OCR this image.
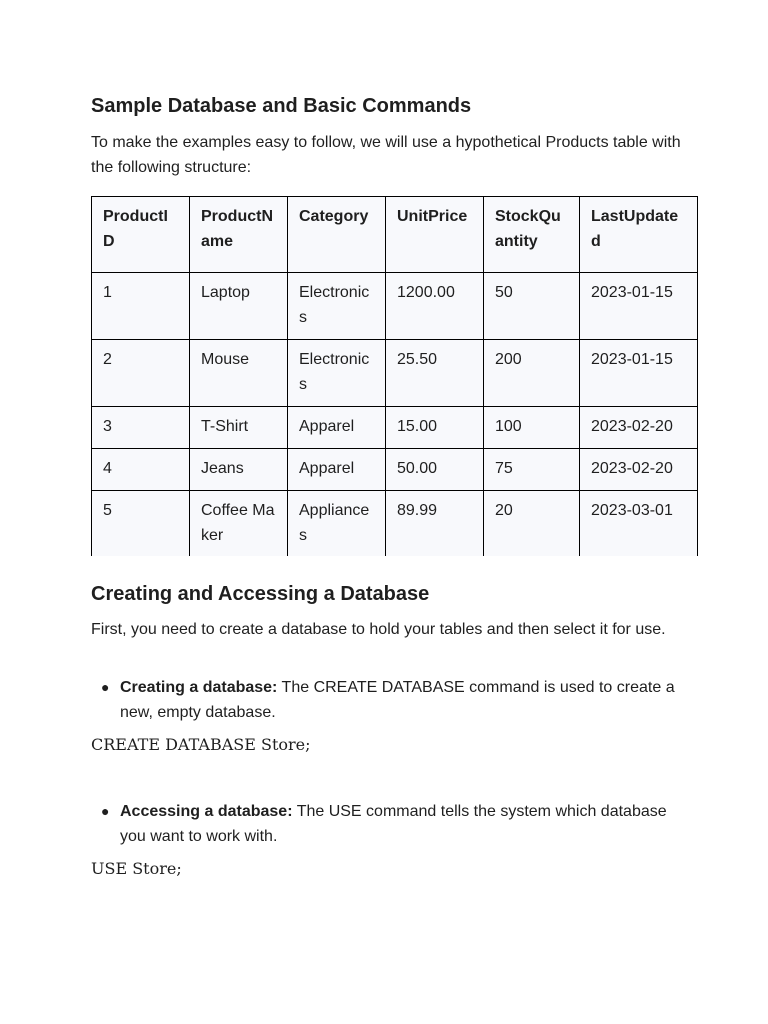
Sample Database and Basic Commands

To make the examples easy to follow, we will use a hypothetical Products table with the following structure:

ProductID	ProductName	Category	UnitPrice	StockQuantity	LastUpdated
1	Laptop	Electronics	1200.00	50	2023-01-15
2	Mouse	Electronics	25.50	200	2023-01-15
3	T-Shirt	Apparel	15.00	100	2023-02-20
4	Jeans	Apparel	50.00	75	2023-02-20
5	Coffee Maker	Appliances	89.99	20	2023-03-01
Creating and Accessing a Database

First, you need to create a database to hold your tables and then select it for use.

● Creating a database: The CREATE DATABASE command is used to create a new, empty database.
CREATE DATABASE Store;
● Accessing a database: The USE command tells the system which database you want to work with.
USE Store;
